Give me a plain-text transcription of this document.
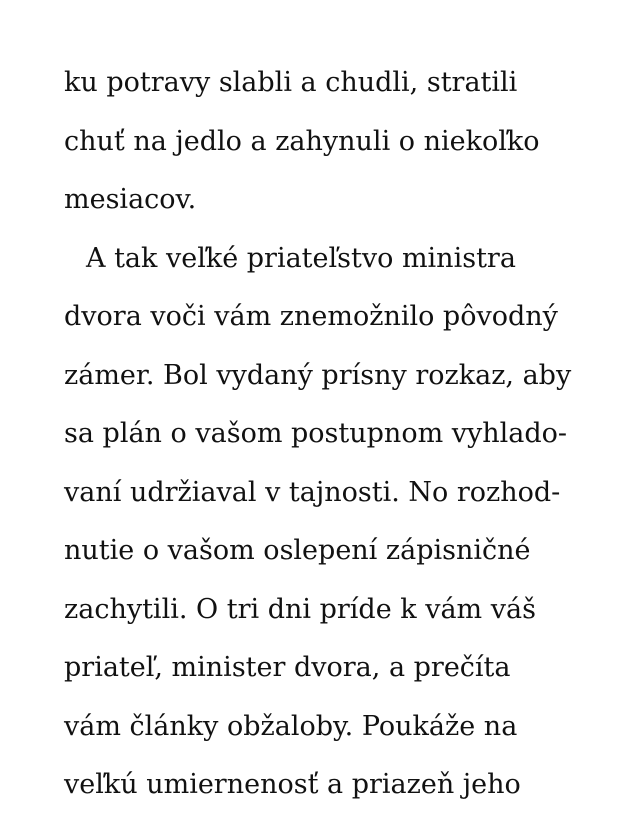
ku potravy slabli a chudli, stratili
chuť na jedlo a zahynuli o niekoľko
mesiacov.
A tak veľké priateľstvo ministra
dvora voči vám znemožnilo pôvodný
zámer. Bol vydaný prísny rozkaz, aby
sa plán o vašom postupnom vyhlado-
vaní udržiaval v tajnosti. No rozhod-
nutie o vašom oslepení zápisničné
zachytili. O tri dni príde k vám váš
priateľ, minister dvora, a prečíta
vám články obžaloby. Poukáže na
veľkú umiernenosť a priazeň jeho
